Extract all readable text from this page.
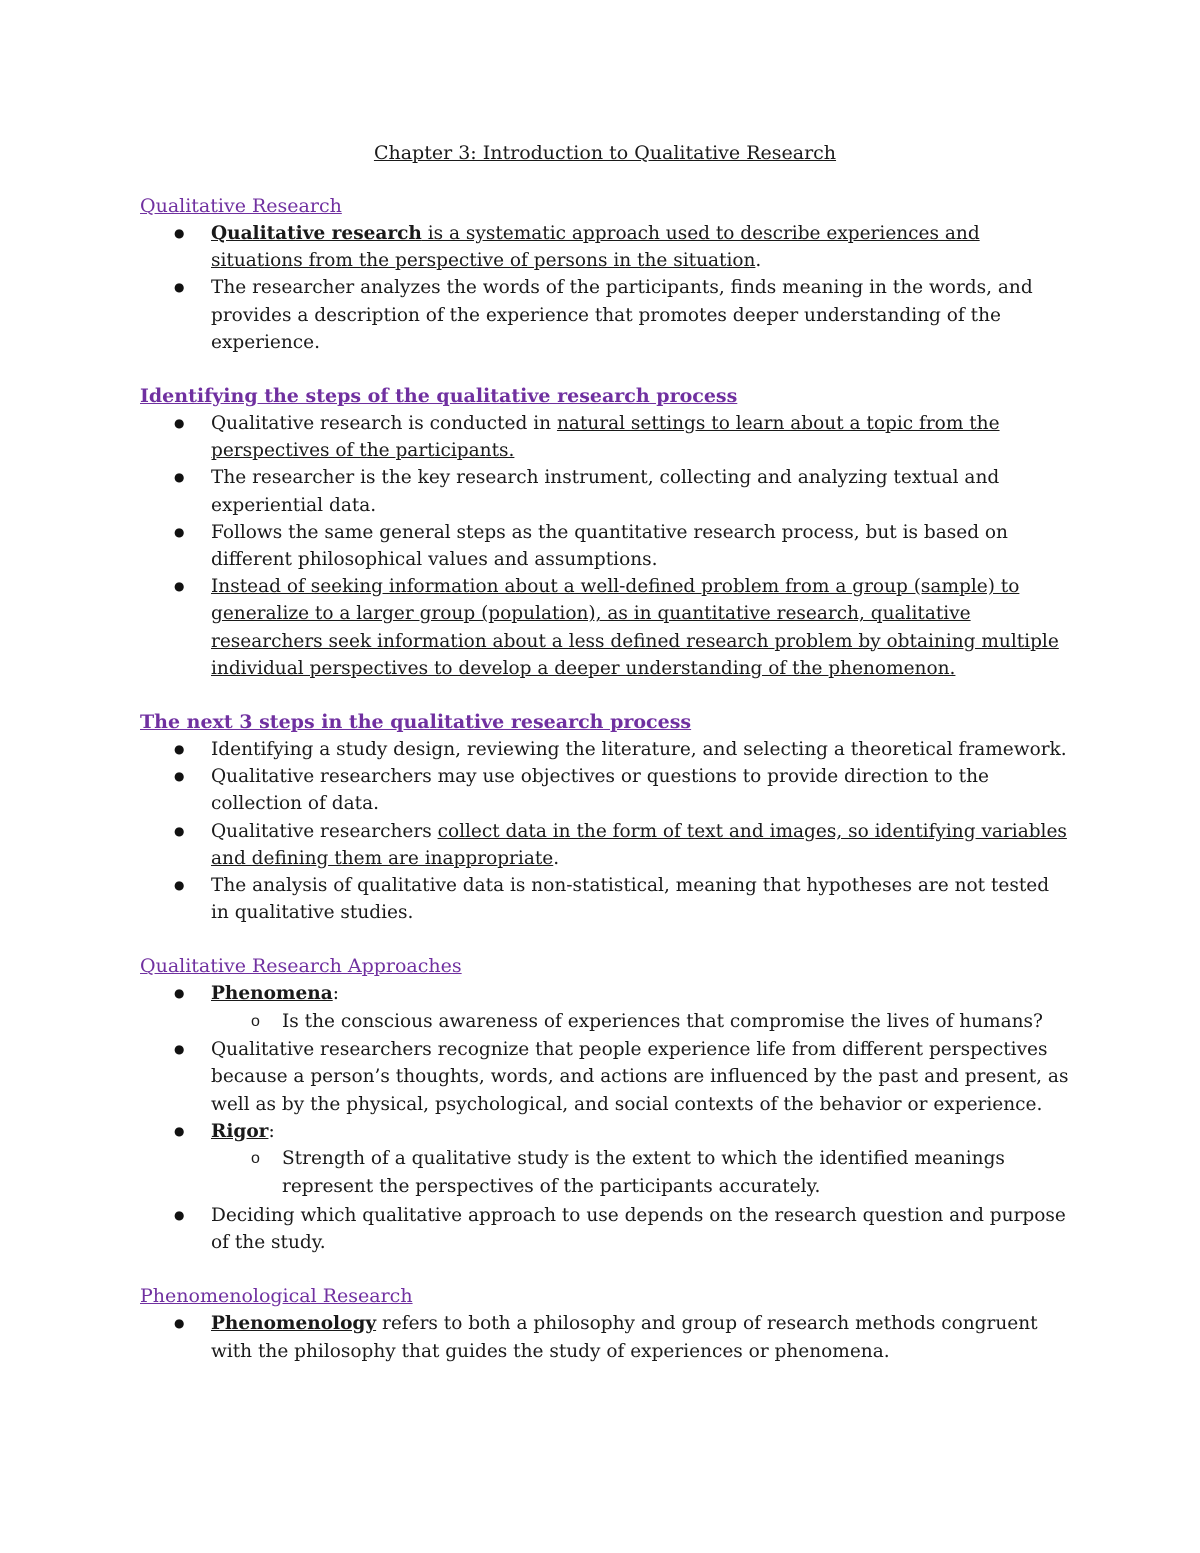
Chapter 3: Introduction to Qualitative Research

Qualitative Research

● Qualitative research is a systematic approach used to describe experiences and situations from the perspective of persons in the situation.
● The researcher analyzes the words of the participants, finds meaning in the words, and provides a description of the experience that promotes deeper understanding of the experience.

Identifying the steps of the qualitative research process

● Qualitative research is conducted in natural settings to learn about a topic from the perspectives of the participants.
● The researcher is the key research instrument, collecting and analyzing textual and experiential data.
● Follows the same general steps as the quantitative research process, but is based on different philosophical values and assumptions.
● Instead of seeking information about a well-defined problem from a group (sample) to generalize to a larger group (population), as in quantitative research, qualitative researchers seek information about a less defined research problem by obtaining multiple individual perspectives to develop a deeper understanding of the phenomenon.

The next 3 steps in the qualitative research process

● Identifying a study design, reviewing the literature, and selecting a theoretical framework.
● Qualitative researchers may use objectives or questions to provide direction to the collection of data.
● Qualitative researchers collect data in the form of text and images, so identifying variables and defining them are inappropriate.
● The analysis of qualitative data is non-statistical, meaning that hypotheses are not tested in qualitative studies.

Qualitative Research Approaches

● Phenomena:
o Is the conscious awareness of experiences that compromise the lives of humans?
● Qualitative researchers recognize that people experience life from different perspectives because a person’s thoughts, words, and actions are influenced by the past and present, as well as by the physical, psychological, and social contexts of the behavior or experience.
● Rigor:
o Strength of a qualitative study is the extent to which the identified meanings represent the perspectives of the participants accurately.
● Deciding which qualitative approach to use depends on the research question and purpose of the study.

Phenomenological Research

● Phenomenology refers to both a philosophy and group of research methods congruent with the philosophy that guides the study of experiences or phenomena.
